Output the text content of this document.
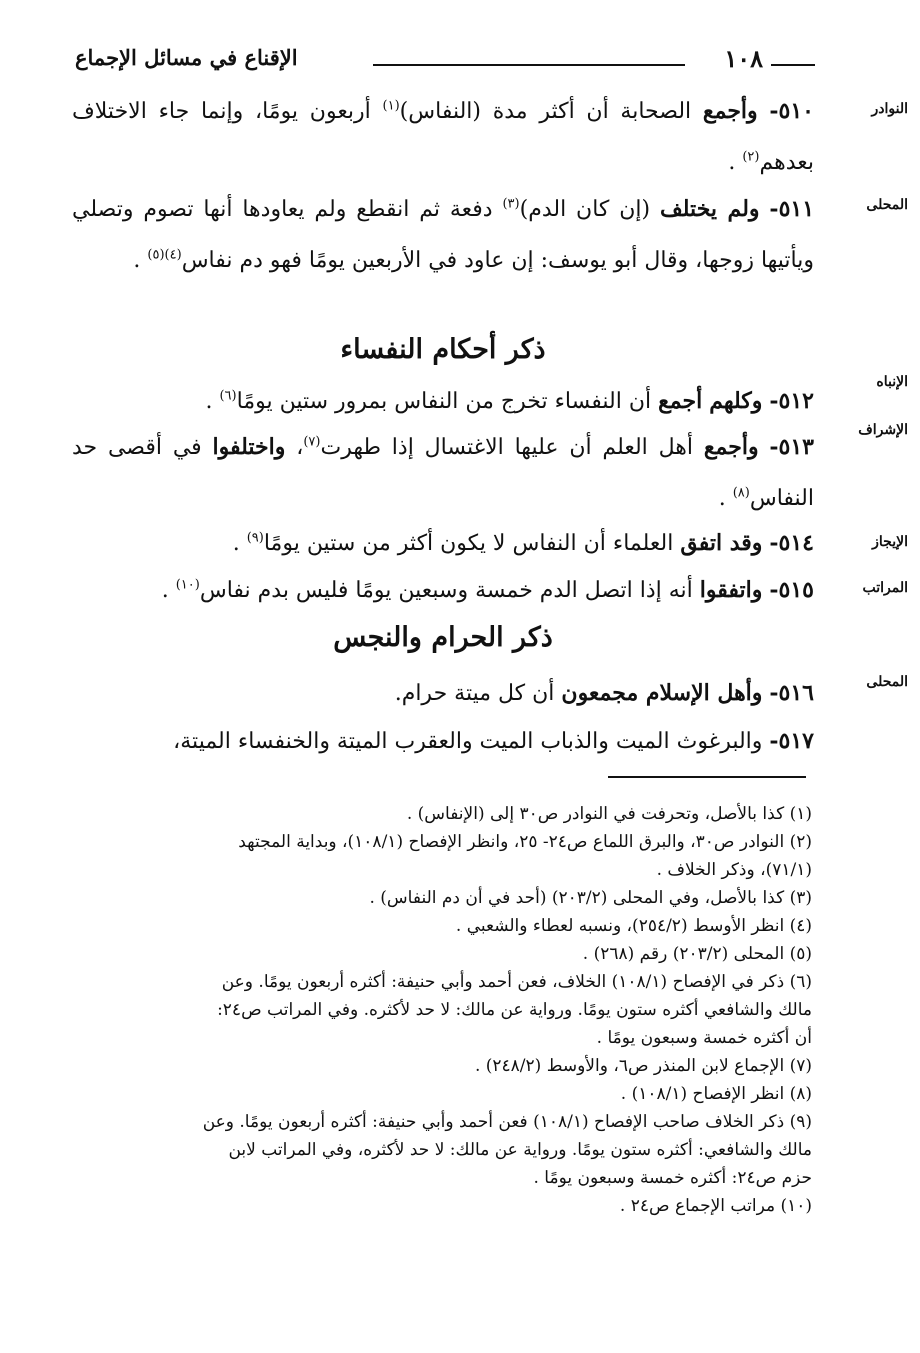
١٠٨
الإقناع في مسائل الإجماع
النوادر
المحلى
الإنباه
الإشراف
الإيجاز
المراتب
المحلى

٥١٠- وأجمع الصحابة أن أكثر مدة (النفاس)$^{(١)}$ أربعون يومًا، وإنما جاء الاختلاف بعدهم$^{(٢)}$ .

٥١١- ولم يختلف (إن كان الدم)$^{(٣)}$ دفعة ثم انقطع ولم يعاودها أنها تصوم وتصلي ويأتيها زوجها، وقال أبو يوسف: إن عاود في الأربعين يومًا فهو دم نفاس$^{(٤)(٥)}$ .

ذكر أحكام النفساء

٥١٢- وكلهم أجمع أن النفساء تخرج من النفاس بمرور ستين يومًا$^{(٦)}$ .

٥١٣- وأجمع أهل العلم أن عليها الاغتسال إذا طهرت$^{(٧)}$، واختلفوا في أقصى حد النفاس$^{(٨)}$ .

٥١٤- وقد اتفق العلماء أن النفاس لا يكون أكثر من ستين يومًا$^{(٩)}$ .

٥١٥- واتفقوا أنه إذا اتصل الدم خمسة وسبعين يومًا فليس بدم نفاس$^{(١٠)}$ .

ذكر الحرام والنجس

٥١٦- وأهل الإسلام مجمعون أن كل ميتة حرام.

٥١٧- والبرغوث الميت والذباب الميت والعقرب الميتة والخنفساء الميتة،

(١) كذا بالأصل، وتحرفت في النوادر ص٣٠ إلى (الإنفاس) .
(٢) النوادر ص٣٠، والبرق اللماع ص٢٤- ٢٥، وانظر الإفصاح (١٠٨/١)، وبداية المجتهد
(٧١/١)، وذكر الخلاف .
(٣) كذا بالأصل، وفي المحلى (٢٠٣/٢) (أحد في أن دم النفاس) .
(٤) انظر الأوسط (٢٥٤/٢)، ونسبه لعطاء والشعبي .
(٥) المحلى (٢٠٣/٢) رقم (٢٦٨) .
(٦) ذكر في الإفصاح (١٠٨/١) الخلاف، فعن أحمد وأبي حنيفة: أكثره أربعون يومًا. وعن
مالك والشافعي أكثره ستون يومًا. ورواية عن مالك: لا حد لأكثره. وفي المراتب ص٢٤:
أن أكثره خمسة وسبعون يومًا .
(٧) الإجماع لابن المنذر ص٦، والأوسط (٢٤٨/٢) .
(٨) انظر الإفصاح (١٠٨/١) .
(٩) ذكر الخلاف صاحب الإفصاح (١٠٨/١) فعن أحمد وأبي حنيفة: أكثره أربعون يومًا. وعن
مالك والشافعي: أكثره ستون يومًا. ورواية عن مالك: لا حد لأكثره، وفي المراتب لابن
حزم ص٢٤: أكثره خمسة وسبعون يومًا .
(١٠) مراتب الإجماع ص٢٤ .
